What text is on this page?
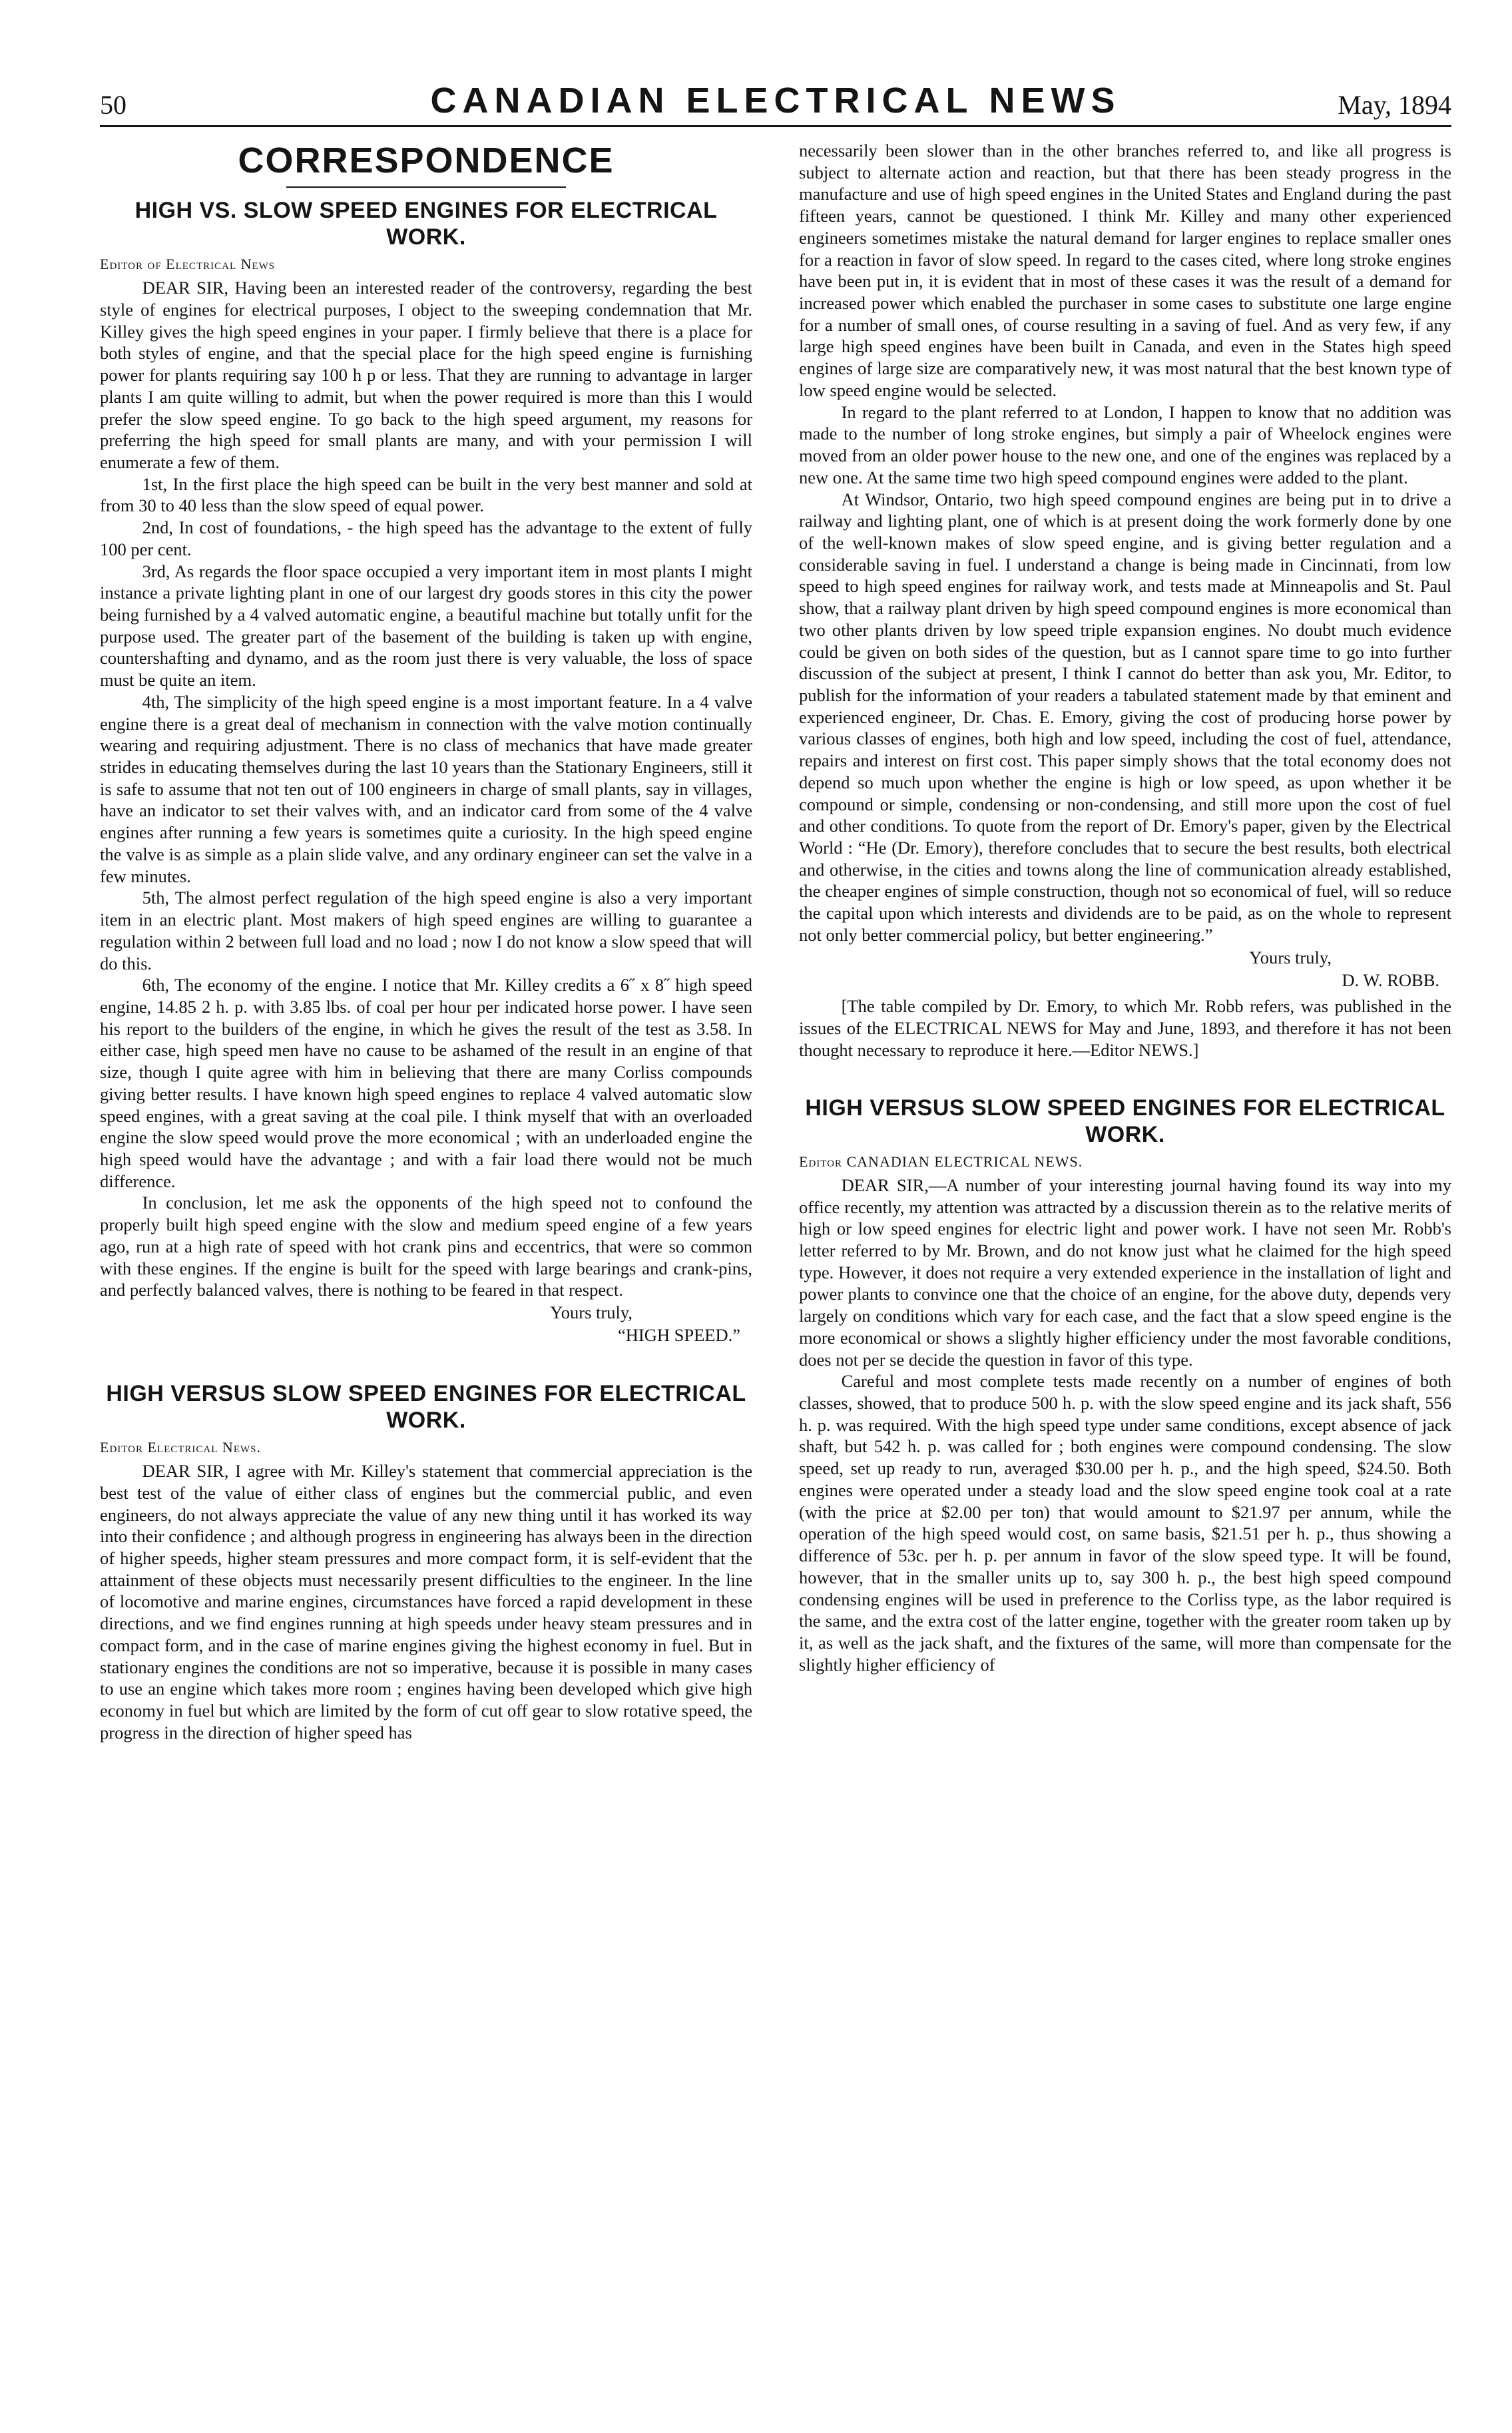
50	CANADIAN ELECTRICAL NEWS	May, 1894
CORRESPONDENCE
HIGH VS. SLOW SPEED ENGINES FOR ELECTRICAL WORK.
Editor of Electrical News

DEAR SIR, Having been an interested reader of the controversy, regarding the best style of engines for electrical purposes, I object to the sweeping condemnation that Mr. Killey gives the high speed engines in your paper. I firmly believe that there is a place for both styles of engine, and that the special place for the high speed engine is furnishing power for plants requiring say 100 h p or less. That they are running to advantage in larger plants I am quite willing to admit, but when the power required is more than this I would prefer the slow speed engine. To go back to the high speed argument, my reasons for preferring the high speed for small plants are many, and with your permission I will enumerate a few of them.

1st, In the first place the high speed can be built in the very best manner and sold at from 30 to 40 less than the slow speed of equal power.

2nd, In cost of foundations, - the high speed has the advantage to the extent of fully 100 per cent.

3rd, As regards the floor space occupied a very important item in most plants I might instance a private lighting plant in one of our largest dry goods stores in this city the power being furnished by a 4 valved automatic engine, a beautiful machine but totally unfit for the purpose used. The greater part of the basement of the building is taken up with engine, countershafting and dynamo, and as the room just there is very valuable, the loss of space must be quite an item.

4th, The simplicity of the high speed engine is a most important feature. In a 4 valve engine there is a great deal of mechanism in connection with the valve motion continually wearing and requiring adjustment. There is no class of mechanics that have made greater strides in educating themselves during the last 10 years than the Stationary Engineers, still it is safe to assume that not ten out of 100 engineers in charge of small plants, say in villages, have an indicator to set their valves with, and an indicator card from some of the 4 valve engines after running a few years is sometimes quite a curiosity. In the high speed engine the valve is as simple as a plain slide valve, and any ordinary engineer can set the valve in a few minutes.

5th, The almost perfect regulation of the high speed engine is also a very important item in an electric plant. Most makers of high speed engines are willing to guarantee a regulation within 2 between full load and no load ; now I do not know a slow speed that will do this.

6th, The economy of the engine. I notice that Mr. Killey credits a 6˝ x 8˝ high speed engine, 14.85 2 h. p. with 3.85 lbs. of coal per hour per indicated horse power. I have seen his report to the builders of the engine, in which he gives the result of the test as 3.58. In either case, high speed men have no cause to be ashamed of the result in an engine of that size, though I quite agree with him in believing that there are many Corliss compounds giving better results. I have known high speed engines to replace 4 valved automatic slow speed engines, with a great saving at the coal pile. I think myself that with an overloaded engine the slow speed would prove the more economical ; with an underloaded engine the high speed would have the advantage ; and with a fair load there would not be much difference.

In conclusion, let me ask the opponents of the high speed not to confound the properly built high speed engine with the slow and medium speed engine of a few years ago, run at a high rate of speed with hot crank pins and eccentrics, that were so common with these engines. If the engine is built for the speed with large bearings and crank-pins, and perfectly balanced valves, there is nothing to be feared in that respect.

Yours truly,
“HIGH SPEED.”
HIGH VERSUS SLOW SPEED ENGINES FOR ELECTRICAL WORK.
Editor Electrical News.

DEAR SIR, I agree with Mr. Killey's statement that commercial appreciation is the best test of the value of either class of engines but the commercial public, and even engineers, do not always appreciate the value of any new thing until it has worked its way into their confidence ; and although progress in engineering has always been in the direction of higher speeds, higher steam pressures and more compact form, it is self-evident that the attainment of these objects must necessarily present difficulties to the engineer. In the line of locomotive and marine engines, circumstances have forced a rapid development in these directions, and we find engines running at high speeds under heavy steam pressures and in compact form, and in the case of marine engines giving the highest economy in fuel. But in stationary engines the conditions are not so imperative, because it is possible in many cases to use an engine which takes more room ; engines having been developed which give high economy in fuel but which are limited by the form of cut off gear to slow rotative speed, the progress in the direction of higher speed has

necessarily been slower than in the other branches referred to, and like all progress is subject to alternate action and reaction, but that there has been steady progress in the manufacture and use of high speed engines in the United States and England during the past fifteen years, cannot be questioned. I think Mr. Killey and many other experienced engineers sometimes mistake the natural demand for larger engines to replace smaller ones for a reaction in favor of slow speed. In regard to the cases cited, where long stroke engines have been put in, it is evident that in most of these cases it was the result of a demand for increased power which enabled the purchaser in some cases to substitute one large engine for a number of small ones, of course resulting in a saving of fuel. And as very few, if any large high speed engines have been built in Canada, and even in the States high speed engines of large size are comparatively new, it was most natural that the best known type of low speed engine would be selected.

In regard to the plant referred to at London, I happen to know that no addition was made to the number of long stroke engines, but simply a pair of Wheelock engines were moved from an older power house to the new one, and one of the engines was replaced by a new one. At the same time two high speed compound engines were added to the plant.

At Windsor, Ontario, two high speed compound engines are being put in to drive a railway and lighting plant, one of which is at present doing the work formerly done by one of the well-known makes of slow speed engine, and is giving better regulation and a considerable saving in fuel. I understand a change is being made in Cincinnati, from low speed to high speed engines for railway work, and tests made at Minneapolis and St. Paul show, that a railway plant driven by high speed compound engines is more economical than two other plants driven by low speed triple expansion engines. No doubt much evidence could be given on both sides of the question, but as I cannot spare time to go into further discussion of the subject at present, I think I cannot do better than ask you, Mr. Editor, to publish for the information of your readers a tabulated statement made by that eminent and experienced engineer, Dr. Chas. E. Emory, giving the cost of producing horse power by various classes of engines, both high and low speed, including the cost of fuel, attendance, repairs and interest on first cost. This paper simply shows that the total economy does not depend so much upon whether the engine is high or low speed, as upon whether it be compound or simple, condensing or non-condensing, and still more upon the cost of fuel and other conditions. To quote from the report of Dr. Emory's paper, given by the Electrical World : “He (Dr. Emory), therefore concludes that to secure the best results, both electrical and otherwise, in the cities and towns along the line of communication already established, the cheaper engines of simple construction, though not so economical of fuel, will so reduce the capital upon which interests and dividends are to be paid, as on the whole to represent not only better commercial policy, but better engineering.”

Yours truly,
D. W. ROBB.

[The table compiled by Dr. Emory, to which Mr. Robb refers, was published in the issues of the ELECTRICAL NEWS for May and June, 1893, and therefore it has not been thought necessary to reproduce it here.—Editor NEWS.]

HIGH VERSUS SLOW SPEED ENGINES FOR ELECTRICAL WORK.
Editor CANADIAN ELECTRICAL NEWS.

DEAR SIR,—A number of your interesting journal having found its way into my office recently, my attention was attracted by a discussion therein as to the relative merits of high or low speed engines for electric light and power work. I have not seen Mr. Robb's letter referred to by Mr. Brown, and do not know just what he claimed for the high speed type. However, it does not require a very extended experience in the installation of light and power plants to convince one that the choice of an engine, for the above duty, depends very largely on conditions which vary for each case, and the fact that a slow speed engine is the more economical or shows a slightly higher efficiency under the most favorable conditions, does not per se decide the question in favor of this type.

Careful and most complete tests made recently on a number of engines of both classes, showed, that to produce 500 h. p. with the slow speed engine and its jack shaft, 556 h. p. was required. With the high speed type under same conditions, except absence of jack shaft, but 542 h. p. was called for ; both engines were compound condensing. The slow speed, set up ready to run, averaged $30.00 per h. p., and the high speed, $24.50. Both engines were operated under a steady load and the slow speed engine took coal at a rate (with the price at $2.00 per ton) that would amount to $21.97 per annum, while the operation of the high speed would cost, on same basis, $21.51 per h. p., thus showing a difference of 53c. per h. p. per annum in favor of the slow speed type. It will be found, however, that in the smaller units up to, say 300 h. p., the best high speed compound condensing engines will be used in preference to the Corliss type, as the labor required is the same, and the extra cost of the latter engine, together with the greater room taken up by it, as well as the jack shaft, and the fixtures of the same, will more than compensate for the slightly higher efficiency of
